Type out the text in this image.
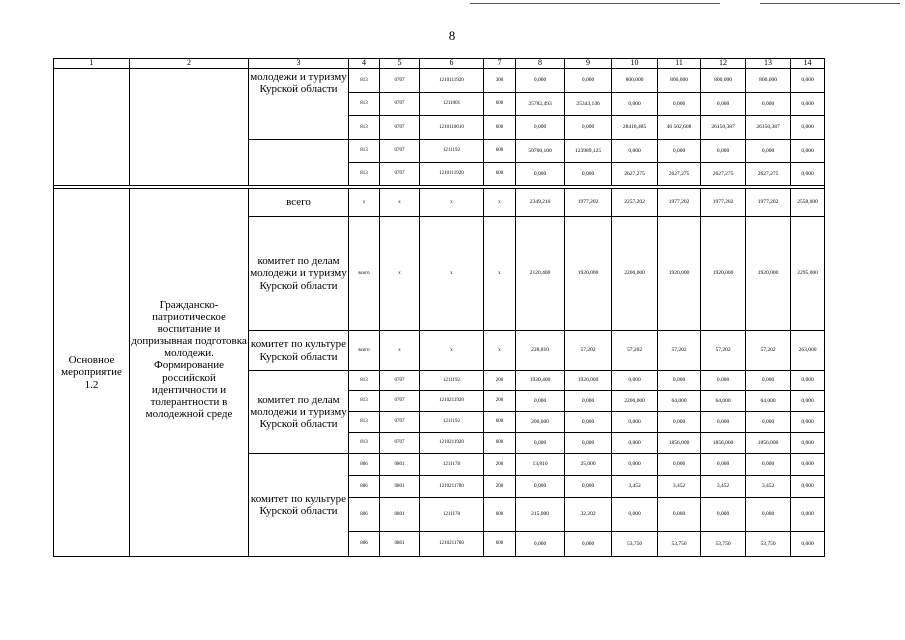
8
1	2	3	4	5	6	7	8	9	10	11	12	13	14
		молодежи и туризму Курской области	813	0707	1210111920	300	0,000	0,000	800,000	800,000	800,000	800,000	0,000
			813	0707	1211001	600	25782,493	25343,146	0,000	0,000	0,000	0,000	0,000
			813	0707	1210110010	600	0,000	0,000	28418,485	40 502,608	26150,387	26150,387	0,000
			813	0707	1211192	600	50700,100	123989,125	0,000	0,000	0,000	0,000	0,000
			813	0707	1210111920	600	0,000	0,000	2627,275	2627,275	2627,275	2627,275	0,000

Основное мероприятие 1.2	Гражданско-патриотическое воспитание и допризывная подготовка молодежи. Формирование российской идентичности и толерантности в молодежной среде	всего	x	x	x	x	2349,210	1977,202	2257,202	1977,202	1977,202	1977,202	2558,000
		комитет по делам молодежи и туризму Курской области	всего	x	x	x	2120,400	1920,000	2200,000	1920,000	1920,000	1920,000	2295,000
		комитет по культуре Курской области	всего	x	x	x	228,810	57,202	57,202	57,202	57,202	57,202	263,000
		комитет по делам молодежи и туризму Курской области	813	0707	1211192	200	1920,400	1920,000	0,000	0,000	0,000	0,000	0,000
			813	0707	1210211920	200	0,000	0,000	2200,000	64,000	64,000	64,000	0,000
			813	0707	1211192	600	200,000	0,000	0,000	0,000	0,000	0,000	0,000
			813	0707	1210211920	600	0,000	0,000	0,000	1856,000	1856,000	1856,000	0,000
		комитет по культуре Курской области	806	0801	1211178	200	13,810	25,000	0,000	0,000	0,000	0,000	0,000
			806	0801	1210211780	200	0,000	0,000	3,452	3,452	3,452	3,452	0,000
			806	0801	1211178	600	215,000	32,202	0,000	0,000	0,000	0,000	0,000
			806	0801	1210211780	600	0,000	0,000	53,750	53,750	53,750	53,750	0,000
